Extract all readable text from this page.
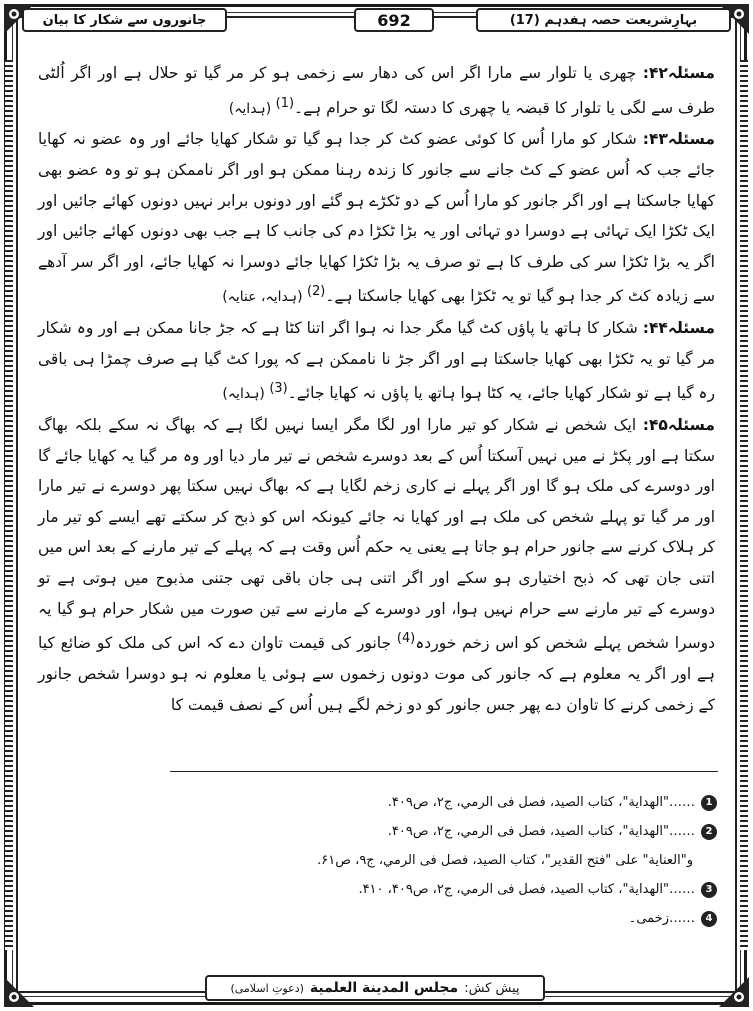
بہارِشریعت حصہ ہفدہم (17)
692
جانوروں سے شکار کا بیان

مسئلہ۴۲: چھری یا تلوار سے مارا اگر اس کی دھار سے زخمی ہو کر مر گیا تو حلال ہے اور اگر اُلٹی طرف سے لگی یا تلوار کا قبضہ یا چھری کا دستہ لگا تو حرام ہے۔$^{(1)}$ (ہدایہ)

مسئلہ۴۳: شکار کو مارا اُس کا کوئی عضو کٹ کر جدا ہو گیا تو شکار کھایا جائے اور وہ عضو نہ کھایا جائے جب کہ اُس عضو کے کٹ جانے سے جانور کا زندہ رہنا ممکن ہو اور اگر ناممکن ہو تو وہ عضو بھی کھایا جاسکتا ہے اور اگر جانور کو مارا اُس کے دو ٹکڑے ہو گئے اور دونوں برابر نہیں دونوں کھائے جائیں اور ایک ٹکڑا ایک تہائی ہے دوسرا دو تہائی اور یہ بڑا ٹکڑا دم کی جانب کا ہے جب بھی دونوں کھائے جائیں اور اگر یہ بڑا ٹکڑا سر کی طرف کا ہے تو صرف یہ بڑا ٹکڑا کھایا جائے دوسرا نہ کھایا جائے، اور اگر سر آدھے سے زیادہ کٹ کر جدا ہو گیا تو یہ ٹکڑا بھی کھایا جاسکتا ہے۔$^{(2)}$ (ہدایہ، عنایہ)

مسئلہ۴۴: شکار کا ہاتھ یا پاؤں کٹ گیا مگر جدا نہ ہوا اگر اتنا کٹا ہے کہ جڑ جانا ممکن ہے اور وہ شکار مر گیا تو یہ ٹکڑا بھی کھایا جاسکتا ہے اور اگر جڑ نا ناممکن ہے کہ پورا کٹ گیا ہے صرف چمڑا ہی باقی رہ گیا ہے تو شکار کھایا جائے، یہ کٹا ہوا ہاتھ یا پاؤں نہ کھایا جائے۔$^{(3)}$ (ہدایہ)

مسئلہ۴۵: ایک شخص نے شکار کو تیر مارا اور لگا مگر ایسا نہیں لگا ہے کہ بھاگ نہ سکے بلکہ بھاگ سکتا ہے اور پکڑ نے میں نہیں آسکتا اُس کے بعد دوسرے شخص نے تیر مار دیا اور وہ مر گیا یہ کھایا جائے گا اور دوسرے کی ملک ہو گا اور اگر پہلے نے کاری زخم لگایا ہے کہ بھاگ نہیں سکتا پھر دوسرے نے تیر مارا اور مر گیا تو پہلے شخص کی ملک ہے اور کھایا نہ جائے کیونکہ اس کو ذبح کر سکتے تھے ایسے کو تیر مار کر ہلاک کرنے سے جانور حرام ہو جاتا ہے یعنی یہ حکم اُس وقت ہے کہ پہلے کے تیر مارنے کے بعد اس میں اتنی جان تھی کہ ذبح اختیاری ہو سکے اور اگر اتنی ہی جان باقی تھی جتنی مذبوح میں ہوتی ہے تو دوسرے کے تیر مارنے سے حرام نہیں ہوا، اور دوسرے کے مارنے سے تین صورت میں شکار حرام ہو گیا یہ دوسرا شخص پہلے شخص کو اس زخم خوردہ$^{(4)}$ جانور کی قیمت تاوان دے کہ اس کی ملک کو ضائع کیا ہے اور اگر یہ معلوم ہے کہ جانور کی موت دونوں زخموں سے ہوئی یا معلوم نہ ہو دوسرا شخص جانور کے زخمی کرنے کا تاوان دے پھر جس جانور کو دو زخم لگے ہیں اُس کے نصف قیمت کا

1
……"الھدایة"، کتاب الصید، فصل فی الرمي، ج۲، ص۴۰۹.
2
……"الھدایة"، کتاب الصید، فصل فی الرمي، ج۲، ص۴۰۹.
و"العنایة" علی "فتح القدیر"، کتاب الصید، فصل فی الرمي، ج۹، ص۶۱.
3
……"الھدایة"، کتاب الصید، فصل فی الرمي، ج۲، ص۴۰۹، ۴۱۰.
4
……زخمی۔
پیش کش:
مجلس المدینة العلمیة
(دعوتِ اسلامی)
